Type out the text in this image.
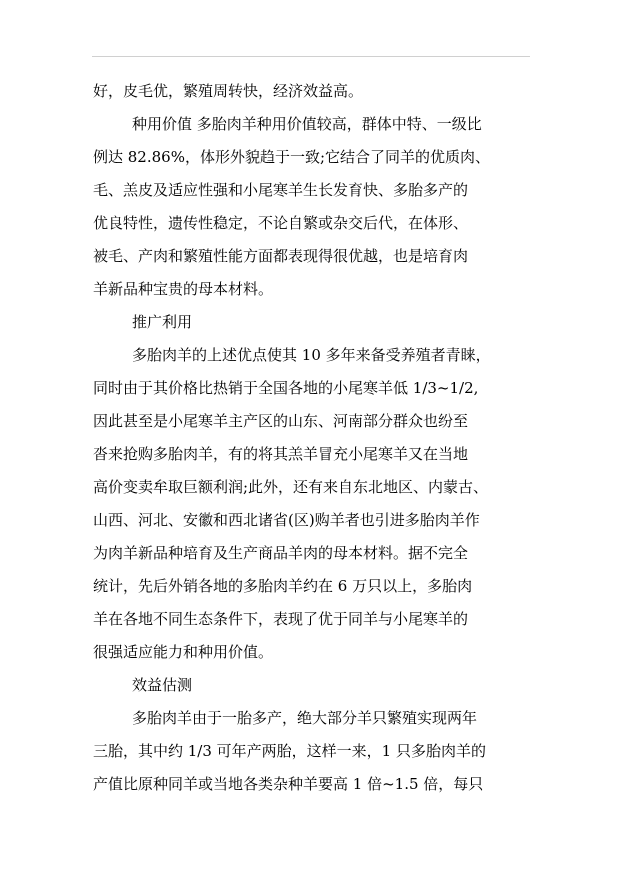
好，皮毛优，繁殖周转快，经济效益高。
种用价值 多胎肉羊种用价值较高，群体中特、一级比
例达 82.86%，体形外貌趋于一致;它结合了同羊的优质肉、
毛、羔皮及适应性强和小尾寒羊生长发育快、多胎多产的
优良特性，遗传性稳定，不论自繁或杂交后代，在体形、
被毛、产肉和繁殖性能方面都表现得很优越，也是培育肉
羊新品种宝贵的母本材料。
推广利用
多胎肉羊的上述优点使其 10 多年来备受养殖者青睐，
同时由于其价格比热销于全国各地的小尾寒羊低 1/3~1/2,
因此甚至是小尾寒羊主产区的山东、河南部分群众也纷至
沓来抢购多胎肉羊，有的将其羔羊冒充小尾寒羊又在当地
高价变卖牟取巨额利润;此外，还有来自东北地区、内蒙古、
山西、河北、安徽和西北诸省(区)购羊者也引进多胎肉羊作
为肉羊新品种培育及生产商品羊肉的母本材料。据不完全
统计，先后外销各地的多胎肉羊约在 6 万只以上，多胎肉
羊在各地不同生态条件下，表现了优于同羊与小尾寒羊的
很强适应能力和种用价值。
效益估测
多胎肉羊由于一胎多产，绝大部分羊只繁殖实现两年
三胎，其中约 1/3 可年产两胎，这样一来，1 只多胎肉羊的
产值比原种同羊或当地各类杂种羊要高 1 倍~1.5 倍，每只
